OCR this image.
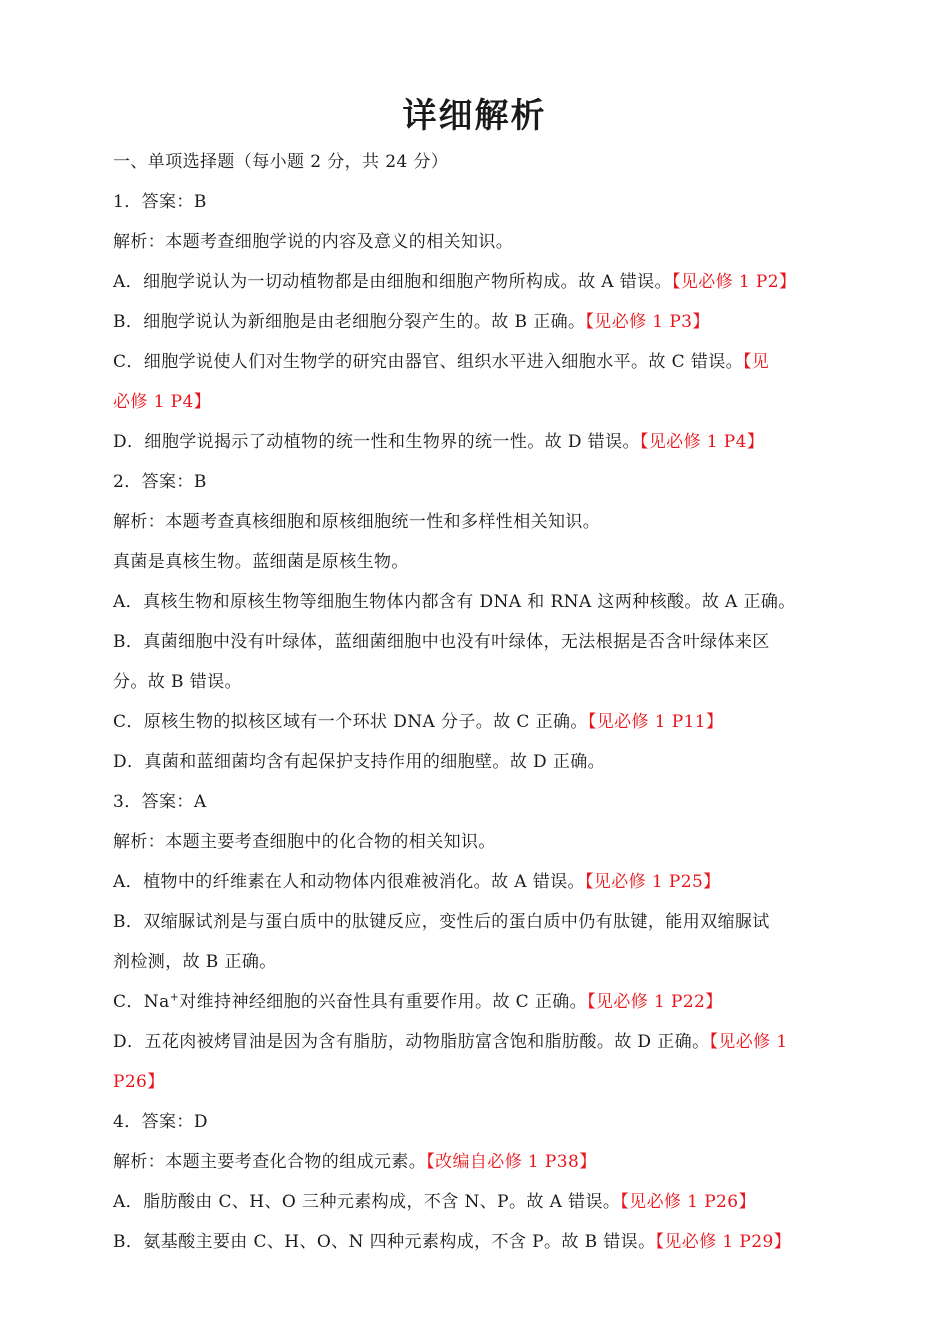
详细解析
一、单项选择题（每小题 2 分，共 24 分）
1．答案：B
解析：本题考查细胞学说的内容及意义的相关知识。
A．细胞学说认为一切动植物都是由细胞和细胞产物所构成。故 A 错误。【见必修 1 P2】
B．细胞学说认为新细胞是由老细胞分裂产生的。故 B 正确。【见必修 1 P3】
C．细胞学说使人们对生物学的研究由器官、组织水平进入细胞水平。故 C 错误。【见
必修 1 P4】
D．细胞学说揭示了动植物的统一性和生物界的统一性。故 D 错误。【见必修 1 P4】
2．答案：B
解析：本题考查真核细胞和原核细胞统一性和多样性相关知识。
真菌是真核生物。蓝细菌是原核生物。
A．真核生物和原核生物等细胞生物体内都含有 DNA 和 RNA 这两种核酸。故 A 正确。
B．真菌细胞中没有叶绿体，蓝细菌细胞中也没有叶绿体，无法根据是否含叶绿体来区
分。故 B 错误。
C．原核生物的拟核区域有一个环状 DNA 分子。故 C 正确。【见必修 1 P11】
D．真菌和蓝细菌均含有起保护支持作用的细胞壁。故 D 正确。
3．答案：A
解析：本题主要考查细胞中的化合物的相关知识。
A．植物中的纤维素在人和动物体内很难被消化。故 A 错误。【见必修 1 P25】
B．双缩脲试剂是与蛋白质中的肽键反应，变性后的蛋白质中仍有肽键，能用双缩脲试
剂检测，故 B 正确。
C．Na+对维持神经细胞的兴奋性具有重要作用。故 C 正确。【见必修 1 P22】
D．五花肉被烤冒油是因为含有脂肪，动物脂肪富含饱和脂肪酸。故 D 正确。【见必修 1
P26】
4．答案：D
解析：本题主要考查化合物的组成元素。【改编自必修 1 P38】
A．脂肪酸由 C、H、O 三种元素构成，不含 N、P。故 A 错误。【见必修 1 P26】
B．氨基酸主要由 C、H、O、N 四种元素构成，不含 P。故 B 错误。【见必修 1 P29】
